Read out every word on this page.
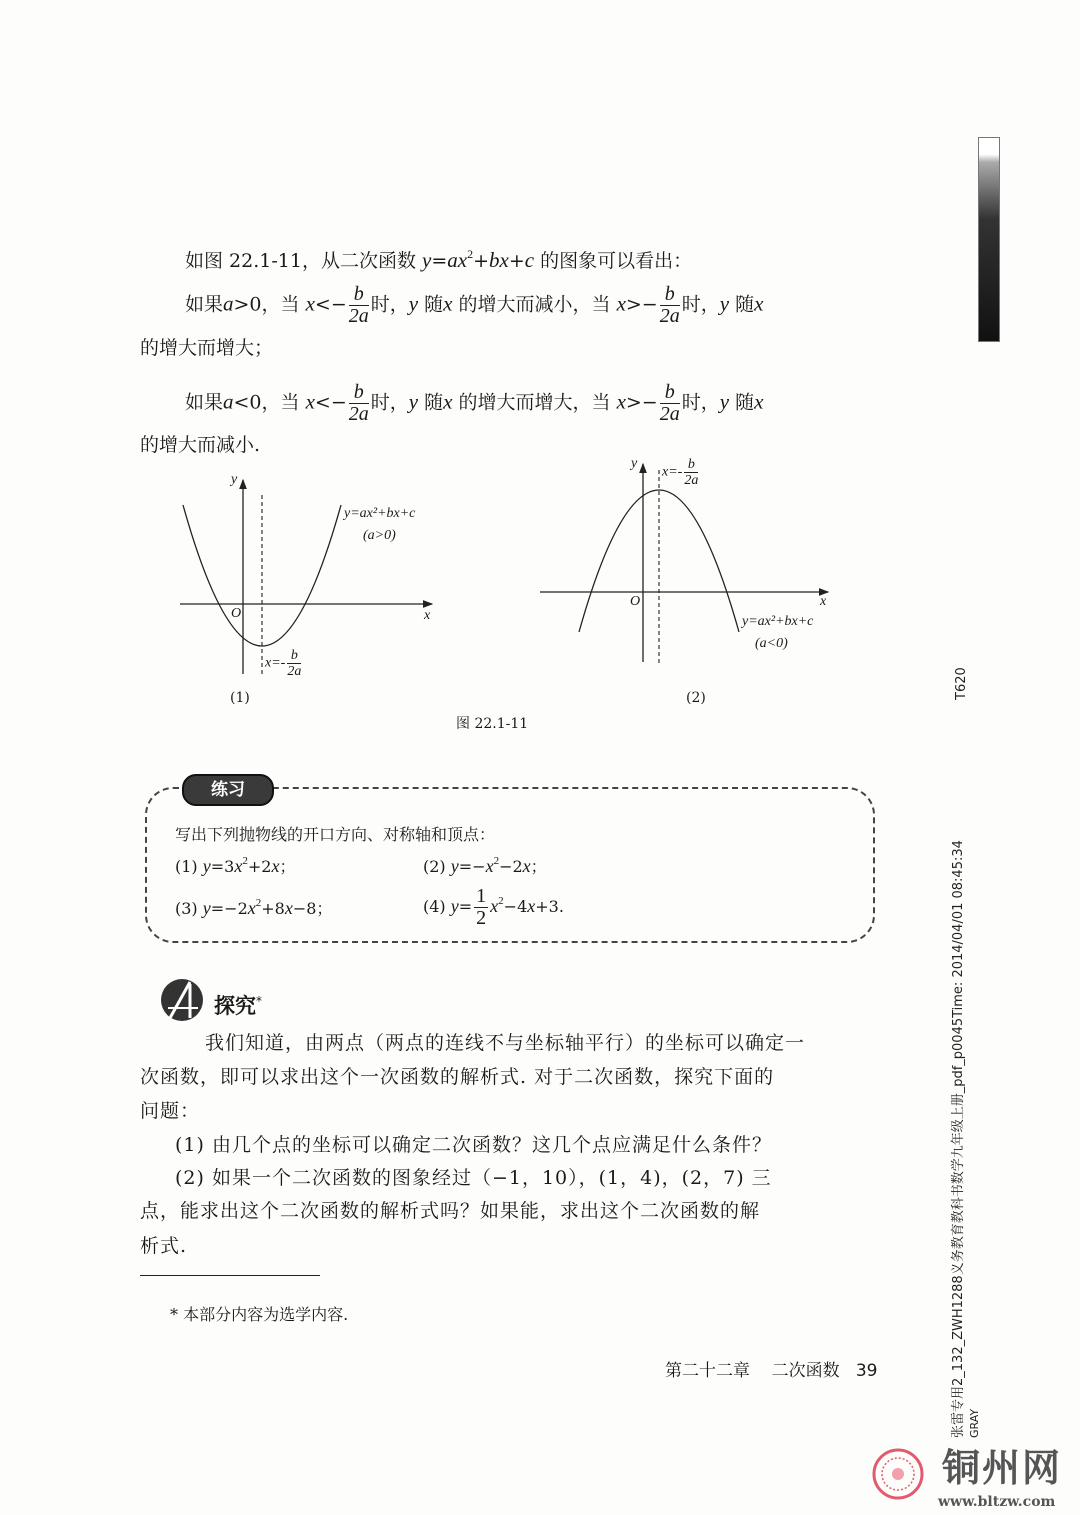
如图 22.1-11，从二次函数 $y=ax^2+bx+c$ 的图象可以看出：
如果a>0，当 $x<- \frac{b}{2a}$ 时，y 随x 的增大而减小，当 $x>- \frac{b}{2a}$ 时，y 随x
的增大而增大；
如果a<0，当 $x<- \frac{b}{2a}$ 时，y 随x 的增大而增大，当 $x>- \frac{b}{2a}$ 时，y 随x
的增大而减小.
y
x
O
y=ax²+bx+c
(a>0)
$x=- \frac{b}{2a}$
(1)
y
x
O
y=ax²+bx+c
(a<0)
$x=- \frac{b}{2a}$
(2)
图 22.1-11
练习
写出下列抛物线的开口方向、对称轴和顶点：
(1) $y=3x^2+2x$；	(2) $y=-x^2-2x$；
(3) $y=-2x^2+8x-8$；	(4) $y= \frac{1}{2} x^2-4x+3$.
探究*
我们知道，由两点（两点的连线不与坐标轴平行）的坐标可以确定一
次函数，即可以求出这个一次函数的解析式. 对于二次函数，探究下面的
问题：
(1) 由几个点的坐标可以确定二次函数？这几个点应满足什么条件？
(2) 如果一个二次函数的图象经过（−1，10），(1，4)，(2，7) 三
点，能求出这个二次函数的解析式吗？如果能，求出这个二次函数的解
析式.
* 本部分内容为选学内容.
第二十二章 二次函数 39
T620
张雷专用2_132_ZWH1288义务教育教科书数学九年级上册_pdf_p0045Time: 2014/04/01 08:45:34 GRAY
铜州网
www.bltzw.com
